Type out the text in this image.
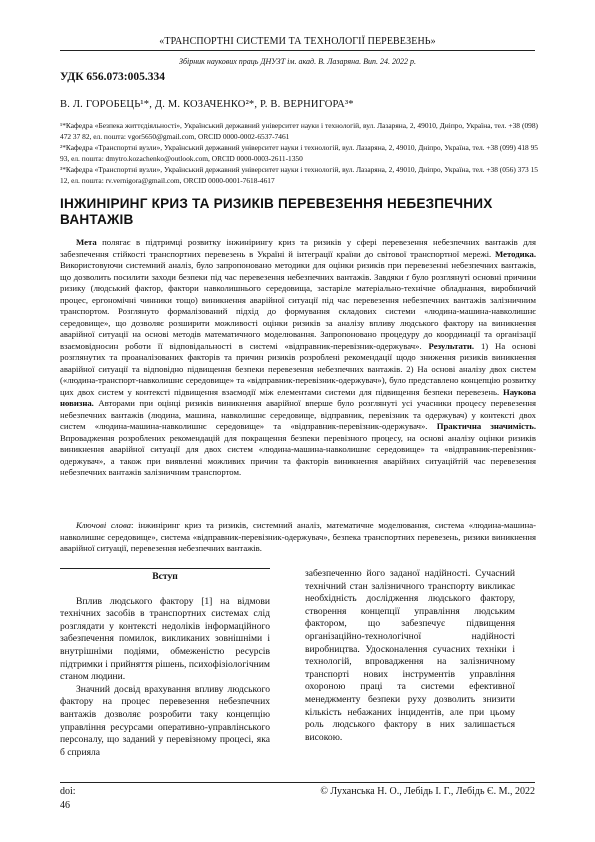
«ТРАНСПОРТНІ СИСТЕМИ ТА ТЕХНОЛОГІЇ ПЕРЕВЕЗЕНЬ»
Збірник наукових праць ДНУЗТ ім. акад. В. Лазаряна. Вип. 24. 2022 р.
УДК 656.073:005.334
В. Л. ГОРОБЕЦЬ¹*, Д. М. КОЗАЧЕНКО²*, Р. В. ВЕРНИГОРА³*

¹*Кафедра «Безпека життєдіяльності», Український державний університет науки і технологій, вул. Лазаряна, 2, 49010, Дніпро, Україна, тел. +38 (098) 472 37 82, ел. пошта: vgor5650@gmail.com, ORCID 0000-0002-6537-7461

²*Кафедра «Транспортні вузли», Український державний університет науки і технологій, вул. Лазаряна, 2, 49010, Дніпро, Україна, тел. +38 (099) 418 95 93, ел. пошта: dmytro.kozachenko@outlook.com, ORCID 0000-0003-2611-1350

³*Кафедра «Транспортні вузли», Український державний університет науки і технологій, вул. Лазаряна, 2, 49010, Дніпро, Україна, тел. +38 (056) 373 15 12, ел. пошта: rv.vernigora@gmail.com, ORCID 0000-0001-7618-4617

ІНЖИНІРИНГ КРИЗ ТА РИЗИКІВ ПЕРЕВЕЗЕННЯ НЕБЕЗПЕЧНИХ ВАНТАЖІВ

Мета полягає в підтримці розвитку інжинірингу криз та ризиків у сфері перевезення небезпечних вантажів для забезпечення стійкості транспортних перевезень в Україні й інтеграції країни до світової транспортної мережі. Методика. Використовуючи системний аналіз, було запропоновано методики для оцінки ризиків при перевезенні небезпечних вантажів, що дозволить посилити заходи безпеки під час перевезення небезпечних вантажів. Завдяки ґ було розглянуті основні причини ризику (людський фактор, фактори навколишнього середовища, застаріле матеріально-технічне обладнання, виробничий процес, ергономічні чинники тощо) виникнення аварійної ситуації під час перевезення небезпечних вантажів залізничним транспортом. Розглянуто формалізований підхід до формування складових системи «людина-машина-навколишнє середовище», що дозволяє розширити можливості оцінки ризиків за аналізу впливу людського фактору на виникнення аварійної ситуації на основі методів математичного моделювання. Запропоновано процедуру до координації та організації взаємовідносин роботи її відповідальності в системі «відправник-перевізник-одержувач». Результати. 1) На основі розглянутих та проаналізованих факторів та причин ризиків розроблені рекомендації щодо зниження ризиків виникнення аварійної ситуації та відповідно підвищення безпеки перевезення небезпечних вантажів. 2) На основі аналізу двох систем («людина-транспорт-навколишнє середовище» та «відправник-перевізник-одержувач»), було представлено концепцію розвитку цих двох систем у контексті підвищення взаємодії між елементами системи для підвищення безпеки перевезень. Наукова новизна. Авторами при оцінці ризиків виникнення аварійної вперше було розглянуті усі учасники процесу перевезення небезпечних вантажів (людина, машина, навколишнє середовище, відправник, перевізник та одержувач) у контексті двох систем «людина-машина-навколишнє середовище» та «відправник-перевізник-одержувач». Практична значимість. Впровадження розроблених рекомендацій для покращення безпеки перевізного процесу, на основі аналізу оцінки ризиків виникнення аварійної ситуації для двох систем «людина-машина-навколишнє середовище» та «відправник-перевізник-одержувач», а також при виявленні можливих причин та факторів виникнення аварійних ситуаційтій час перевезення небезпечних вантажів залізничним транспортом.

Ключові слова: інжиніринг криз та ризиків, системний аналіз, математичне моделювання, система «людина-машина-навколишнє середовище», система «відправник-перевізник-одержувач», безпека транспортних перевезень, ризики виникнення аварійної ситуації, перевезення небезпечних вантажів.

Вступ

Вплив людського фактору [1] на відмови технічних засобів в транспортних системах слід розглядати у контексті недоліків інформаційного забезпечення помилок, викликаних зовнішніми і внутрішніми подіями, обмеженістю ресурсів підтримки і прийняття рішень, психофізіологічним станом людини.

Значний досвід врахування впливу людського фактору на процес перевезення небезпечних вантажів дозволяє розробити таку концепцію управління ресурсами оперативно-управлінського персоналу, що заданий у перевізному процесі, яка б сприяла

забезпеченню його заданої надійності. Сучасний технічний стан залізничного транспорту викликає необхідність дослідження людського фактору, створення концепції управління людським фактором, що забезпечує підвищення організаційно-технологічної надійності виробництва. Удосконалення сучасних техніки і технологій, впровадження на залізничному транспорті нових інструментів управління охороною праці та системи ефективної менеджменту безпеки руху дозволить знизити кількість небажаних інцидентів, але при цьому роль людського фактору в них залишається високою.

doi:	© Луханська Н. О., Лебідь І. Г., Лебідь Є. М., 2022
46
